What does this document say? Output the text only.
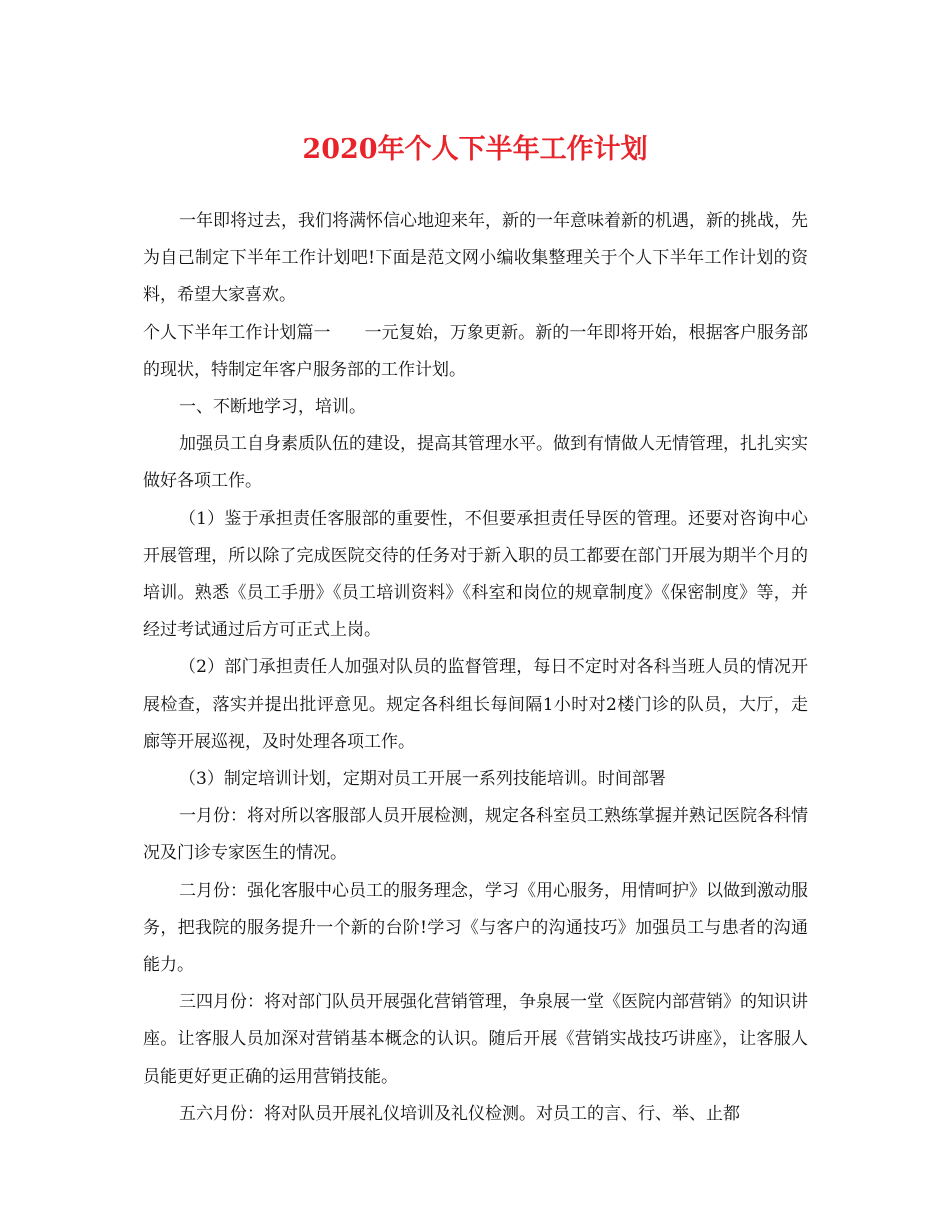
2020年个人下半年工作计划

一年即将过去，我们将满怀信心地迎来年，新的一年意味着新的机遇，新的挑战，先为自己制定下半年工作计划吧!下面是范文网小编收集整理关于个人下半年工作计划的资料，希望大家喜欢。

个人下半年工作计划篇一　　一元复始，万象更新。新的一年即将开始，根据客户服务部的现状，特制定年客户服务部的工作计划。

一、不断地学习，培训。

加强员工自身素质队伍的建设，提高其管理水平。做到有情做人无情管理，扎扎实实做好各项工作。

（1）鉴于承担责任客服部的重要性，不但要承担责任导医的管理。还要对咨询中心开展管理，所以除了完成医院交待的任务对于新入职的员工都要在部门开展为期半个月的培训。熟悉《员工手册》《员工培训资料》《科室和岗位的规章制度》《保密制度》等，并经过考试通过后方可正式上岗。

（2）部门承担责任人加强对队员的监督管理，每日不定时对各科当班人员的情况开展检查，落实并提出批评意见。规定各科组长每间隔1小时对2楼门诊的队员，大厅，走廊等开展巡视，及时处理各项工作。

（3）制定培训计划，定期对员工开展一系列技能培训。时间部署

一月份：将对所以客服部人员开展检测，规定各科室员工熟练掌握并熟记医院各科情况及门诊专家医生的情况。

二月份：强化客服中心员工的服务理念，学习《用心服务，用情呵护》以做到激动服务，把我院的服务提升一个新的台阶!学习《与客户的沟通技巧》加强员工与患者的沟通能力。

三四月份：将对部门队员开展强化营销管理，争泉展一堂《医院内部营销》的知识讲座。让客服人员加深对营销基本概念的认识。随后开展《营销实战技巧讲座》，让客服人员能更好更正确的运用营销技能。

五六月份：将对队员开展礼仪培训及礼仪检测。对员工的言、行、举、止都
